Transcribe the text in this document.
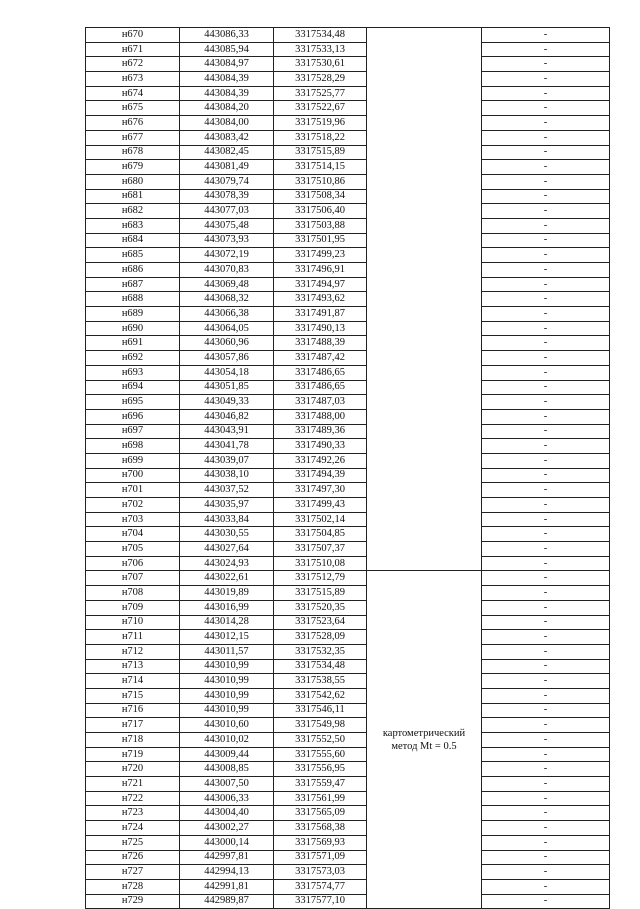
н670	443086,33	3317534,48		-
н671	443085,94	3317533,13		-
н672	443084,97	3317530,61		-
н673	443084,39	3317528,29		-
н674	443084,39	3317525,77		-
н675	443084,20	3317522,67		-
н676	443084,00	3317519,96		-
н677	443083,42	3317518,22		-
н678	443082,45	3317515,89		-
н679	443081,49	3317514,15		-
н680	443079,74	3317510,86		-
н681	443078,39	3317508,34		-
н682	443077,03	3317506,40		-
н683	443075,48	3317503,88		-
н684	443073,93	3317501,95		-
н685	443072,19	3317499,23		-
н686	443070,83	3317496,91		-
н687	443069,48	3317494,97		-
н688	443068,32	3317493,62		-
н689	443066,38	3317491,87		-
н690	443064,05	3317490,13		-
н691	443060,96	3317488,39		-
н692	443057,86	3317487,42		-
н693	443054,18	3317486,65		-
н694	443051,85	3317486,65		-
н695	443049,33	3317487,03		-
н696	443046,82	3317488,00		-
н697	443043,91	3317489,36		-
н698	443041,78	3317490,33		-
н699	443039,07	3317492,26		-
н700	443038,10	3317494,39		-
н701	443037,52	3317497,30		-
н702	443035,97	3317499,43		-
н703	443033,84	3317502,14		-
н704	443030,55	3317504,85		-
н705	443027,64	3317507,37		-
н706	443024,93	3317510,08		-
н707	443022,61	3317512,79	картометрический метод Mt = 0.5	-
н708	443019,89	3317515,89		-
н709	443016,99	3317520,35		-
н710	443014,28	3317523,64		-
н711	443012,15	3317528,09		-
н712	443011,57	3317532,35		-
н713	443010,99	3317534,48		-
н714	443010,99	3317538,55		-
н715	443010,99	3317542,62		-
н716	443010,99	3317546,11		-
н717	443010,60	3317549,98		-
н718	443010,02	3317552,50		-
н719	443009,44	3317555,60		-
н720	443008,85	3317556,95		-
н721	443007,50	3317559,47		-
н722	443006,33	3317561,99		-
н723	443004,40	3317565,09		-
н724	443002,27	3317568,38		-
н725	443000,14	3317569,93		-
н726	442997,81	3317571,09		-
н727	442994,13	3317573,03		-
н728	442991,81	3317574,77		-
н729	442989,87	3317577,10		-
